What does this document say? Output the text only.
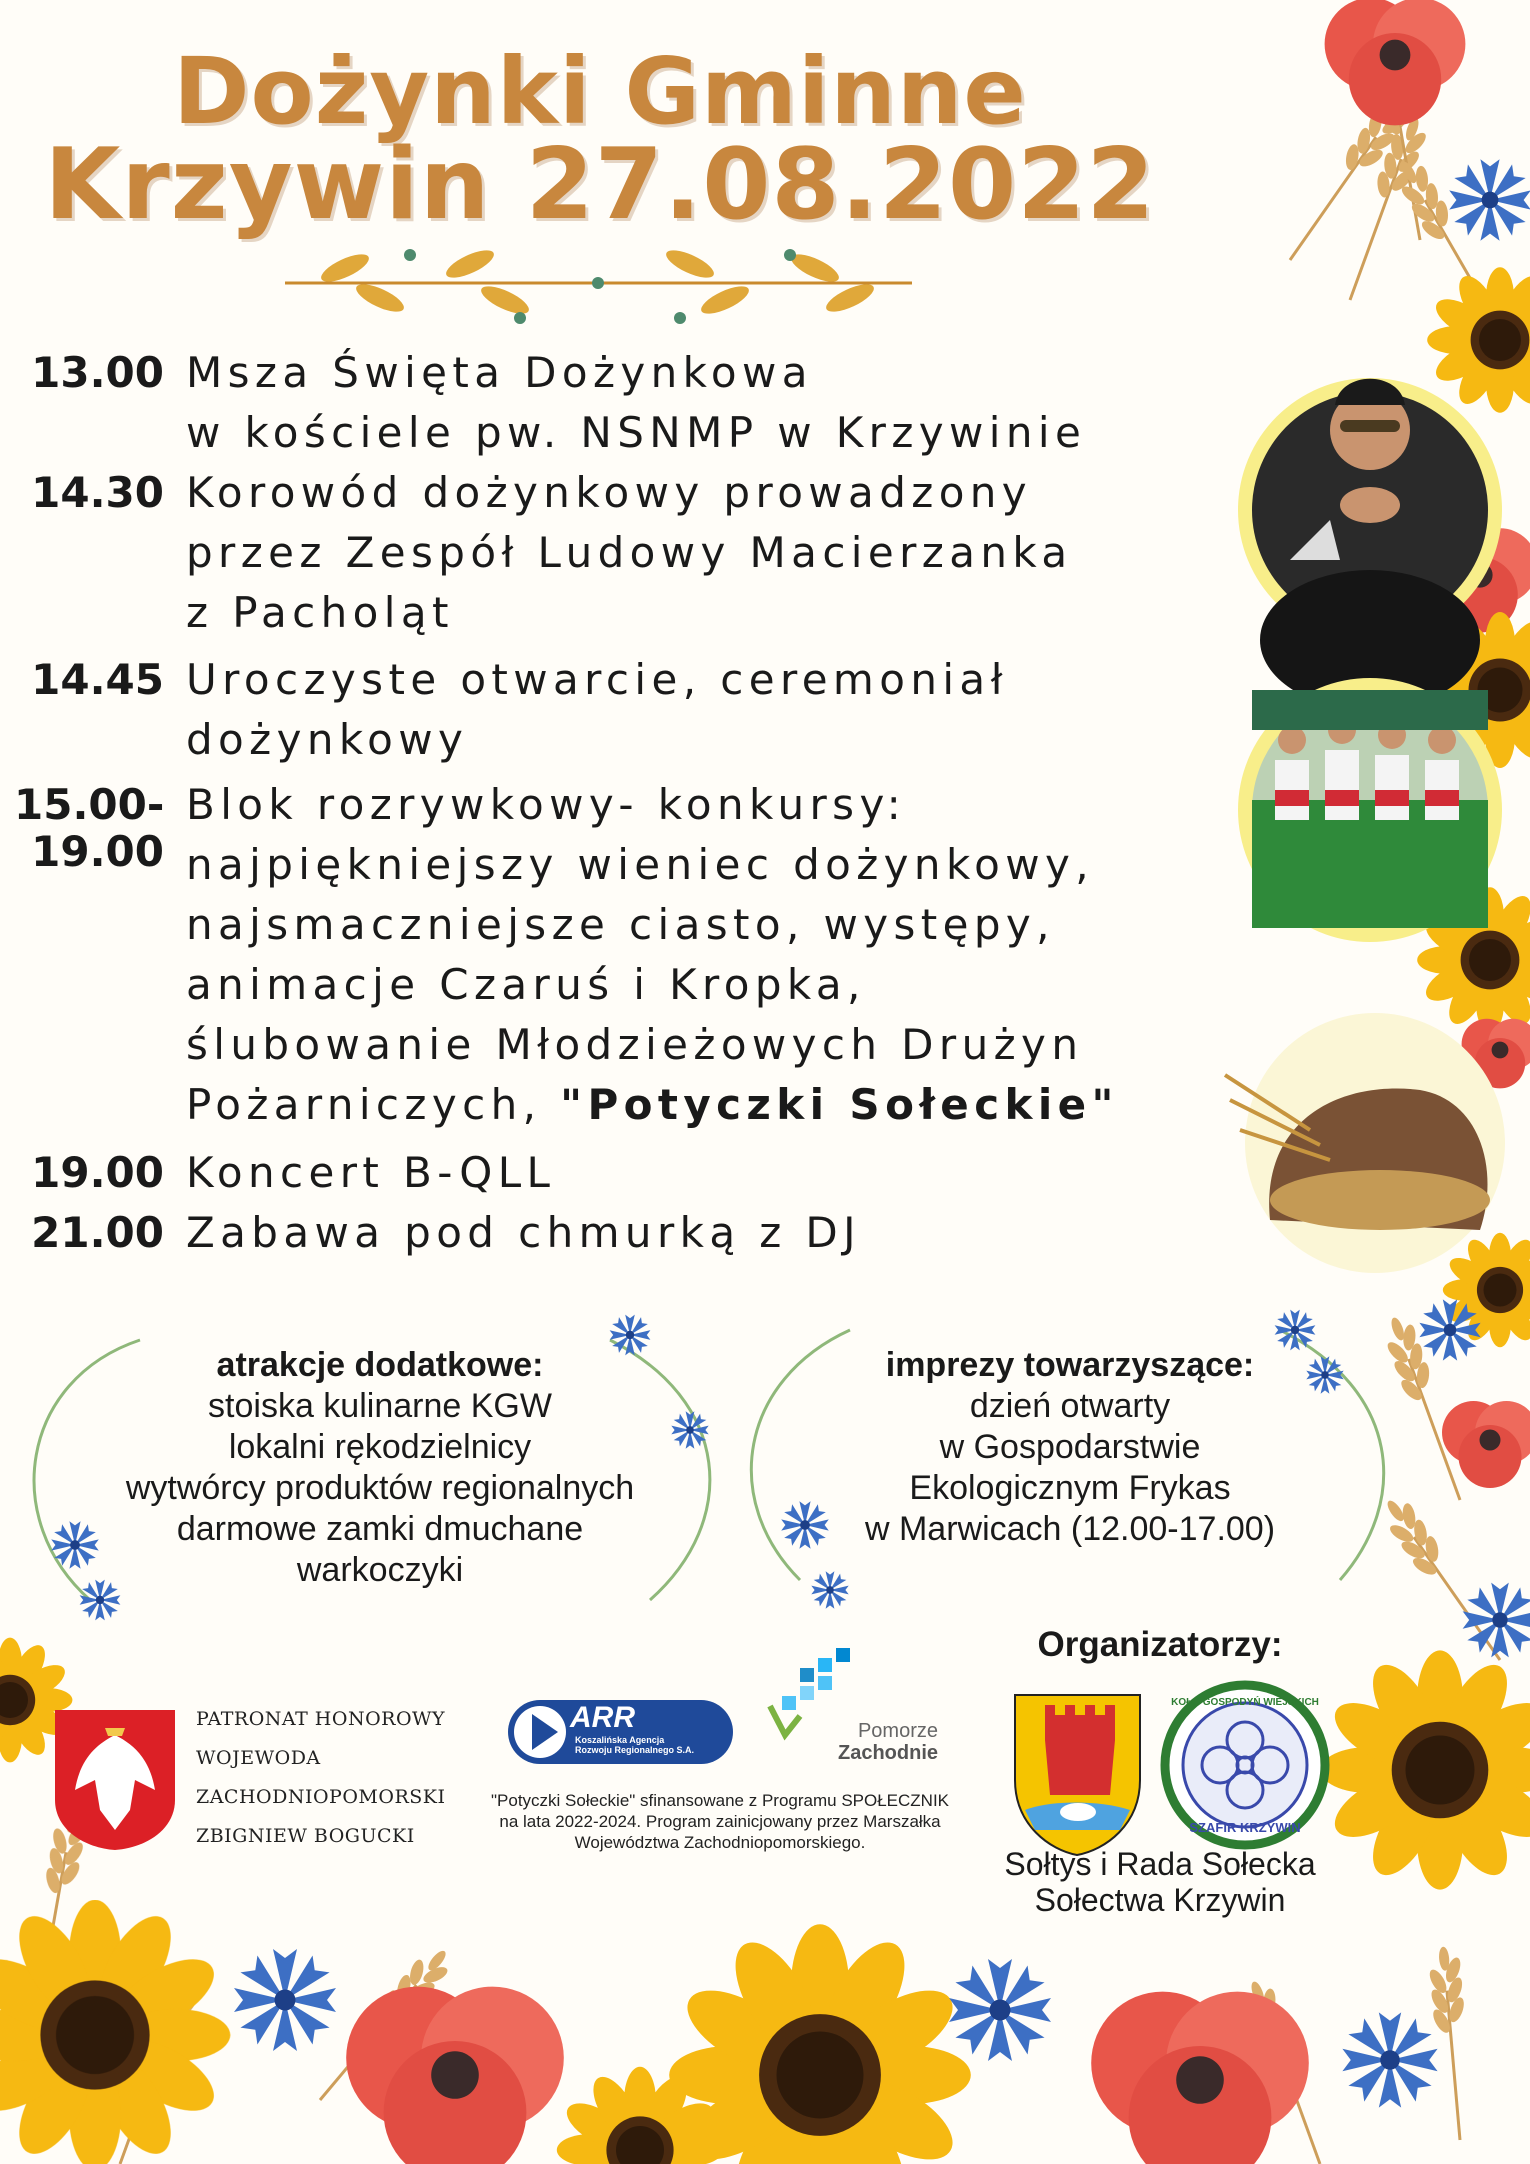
Dożynki Gminne
Krzywin 27.08.2022
13.00 Msza Święta Dożynkowa
w kościele pw. NSNMP w Krzywinie
14.30 Korowód dożynkowy prowadzony
przez Zespół Ludowy Macierzanka
z Pacholąt
14.45 Uroczyste otwarcie, ceremoniał
dożynkowy
15.00-
19.00
Blok rozrywkowy- konkursy:
najpiękniejszy wieniec dożynkowy,
najsmaczniejsze ciasto, występy,
animacje Czaruś i Kropka,
ślubowanie Młodzieżowych Drużyn
Pożarniczych, "Potyczki Sołeckie"
19.00 Koncert B-QLL
21.00 Zabawa pod chmurką z DJ
atrakcje dodatkowe:
stoiska kulinarne KGW
lokalni rękodzielnicy
wytwórcy produktów regionalnych
darmowe zamki dmuchane
warkoczyki
imprezy towarzyszące:
dzień otwarty
w Gospodarstwie
Ekologicznym Frykas
w Marwicach (12.00-17.00)
PATRONAT HONOROWY
WOJEWODA
ZACHODNIOPOMORSKI
ZBIGNIEW BOGUCKI
ARR
Koszalińska Agencja
Rozwoju Regionalnego S.A.
Pomorze
Zachodnie
"Potyczki Sołeckie" sfinansowane z Programu SPOŁECZNIK na lata 2022-2024. Program zainicjowany przez Marszałka Województwa Zachodniopomorskiego.
Organizatorzy:
KOŁO GOSPODYŃ WIEJSKICH
SZAFIR KRZYWIN
Sołtys i Rada Sołecka
Sołectwa Krzywin
